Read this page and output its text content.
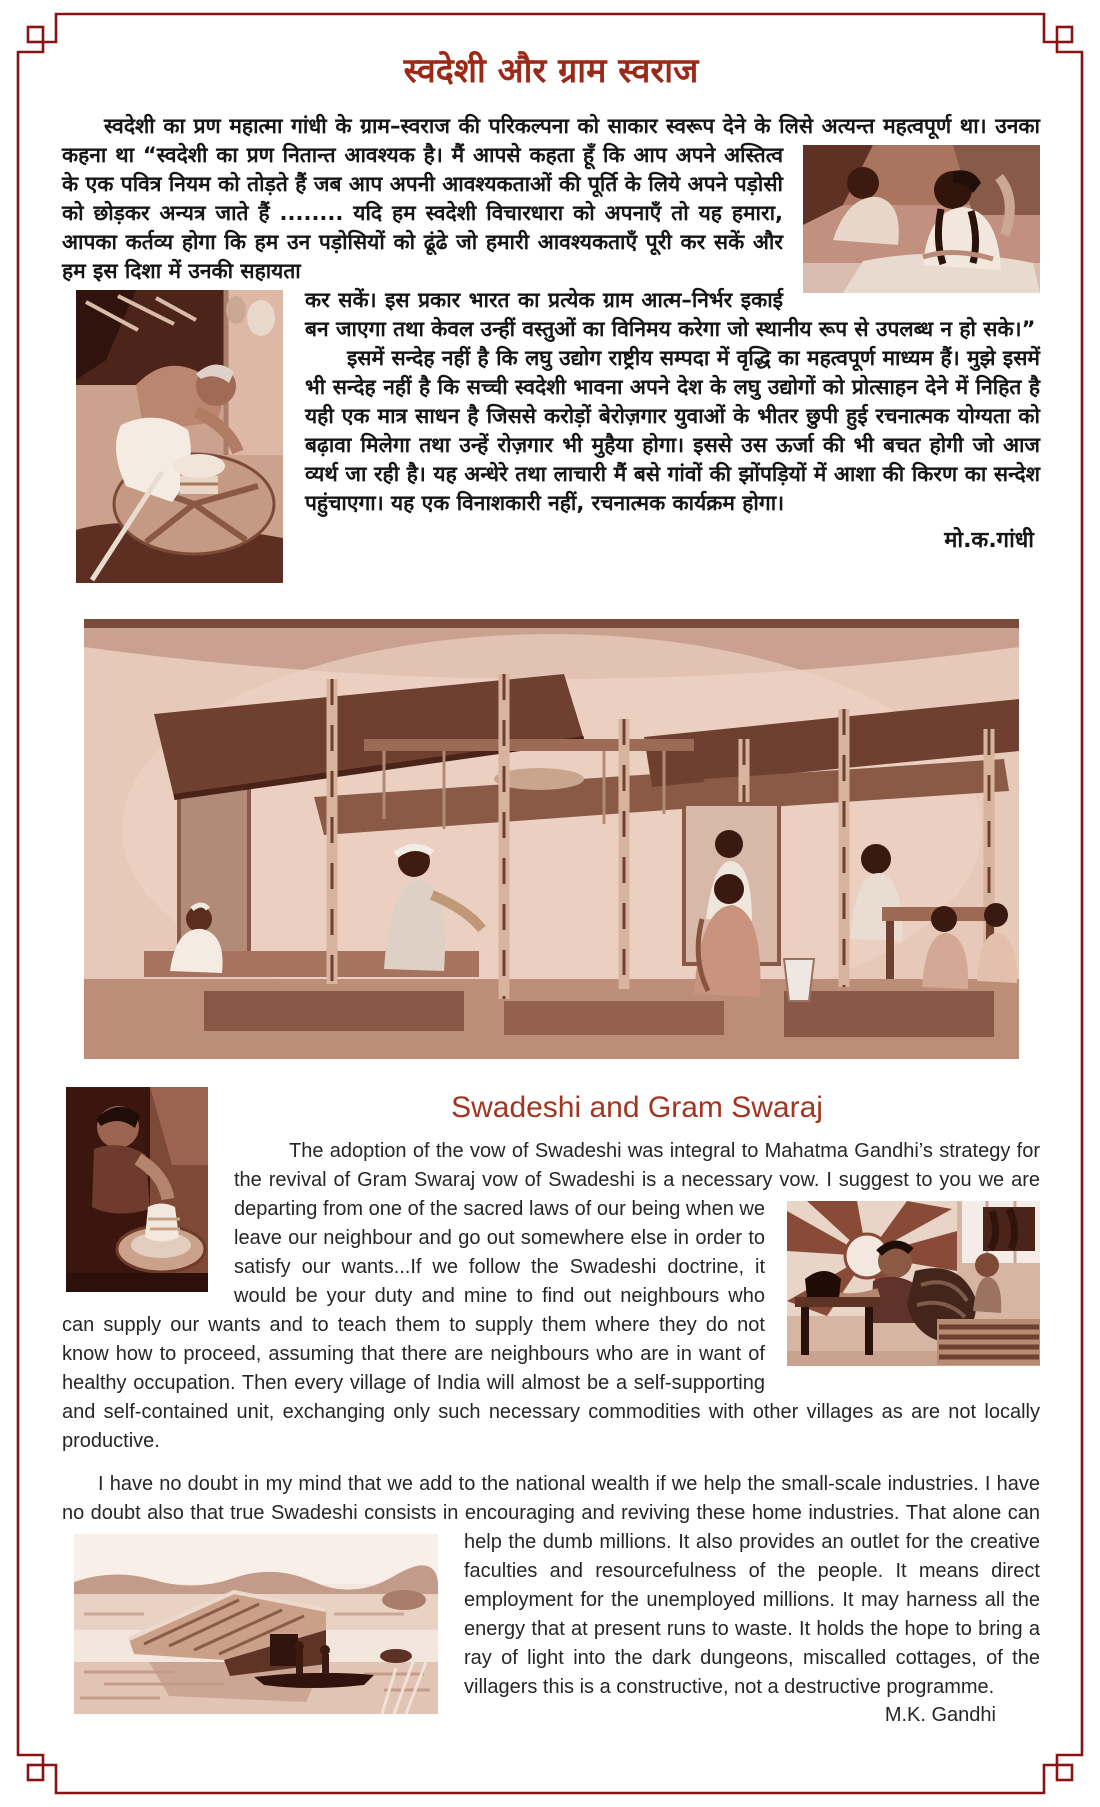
स्वदेशी और ग्राम स्वराज

स्वदेशी का प्रण महात्मा गांधी के ग्राम–स्वराज की परिकल्पना को साकार स्वरूप देने के लिसे अत्यन्त महत्वपूर्ण था। उनका कहना था “स्वदेशी का प्रण नितान्त आवश्यक है। मैं आपसे कहता हूँ कि आप अपने अस्तित्व के एक पवित्र नियम को तोड़ते हैं जब आप अपनी आवश्यकताओं की पूर्ति के लिये अपने पड़ोसी को छोड़कर अन्यत्र जाते हैं ........ यदि हम स्वदेशी विचारधारा को अपनाएँ तो यह हमारा, आपका कर्तव्य होगा कि हम उन पड़ोसियों को ढूंढे जो हमारी आवश्यकताएँ पूरी कर सकें और हम इस दिशा में उनकी सहायता

कर सकें। इस प्रकार भारत का प्रत्येक ग्राम आत्म–निर्भर इकाई बन जाएगा तथा केवल उन्हीं वस्तुओं का विनिमय करेगा जो स्थानीय रूप से उपलब्ध न हो सके।”

इसमें सन्देह नहीं है कि लघु उद्योग राष्ट्रीय सम्पदा में वृद्धि का महत्वपूर्ण माध्यम हैं। मुझे इसमें भी सन्देह नहीं है कि सच्ची स्वदेशी भावना अपने देश के लघु उद्योगों को प्रोत्साहन देने में निहित है यही एक मात्र साधन है जिससे करोड़ों बेरोज़गार युवाओं के भीतर छुपी हुई रचनात्मक योग्यता को बढ़ावा मिलेगा तथा उन्हें रोज़गार भी मुहैया होगा। इससे उस ऊर्जा की भी बचत होगी जो आज व्यर्थ जा रही है। यह अन्धेरे तथा लाचारी मैं बसे गांवों की झोंपड़ियों में आशा की किरण का सन्देश पहुंचाएगा। यह एक विनाशकारी नहीं, रचनात्मक कार्यक्रम होगा।

मो.क.गांधी

Swadeshi and Gram Swaraj

The adoption of the vow of Swadeshi was integral to Mahatma Gandhi’s strategy for the revival of Gram Swaraj vow of Swadeshi is a necessary vow. I suggest to you we are departing from one of the sacred laws of our being when we leave our neighbour and go out somewhere else in order to satisfy our wants...If we follow the Swadeshi doctrine, it would be your duty and mine to find out neighbours who can supply our wants and to teach them to supply them where they do not know how to proceed, assuming that there are neighbours who are in want of healthy occupation. Then every village of India will almost be a self-supporting and self-contained unit, exchanging only such necessary commodities with other villages as are not locally productive.

I have no doubt in my mind that we add to the national wealth if we help the small-scale industries. I have no doubt also that true Swadeshi consists in encouraging and reviving these home industries. That alone can help the dumb millions. It also provides an outlet for the creative faculties and resourcefulness of the people. It means direct employment for the unemployed millions. It may harness all the energy that at present runs to waste. It holds the hope to bring a ray of light into the dark dungeons, miscalled cottages, of the villagers this is a constructive, not a destructive programme.

M.K. Gandhi
